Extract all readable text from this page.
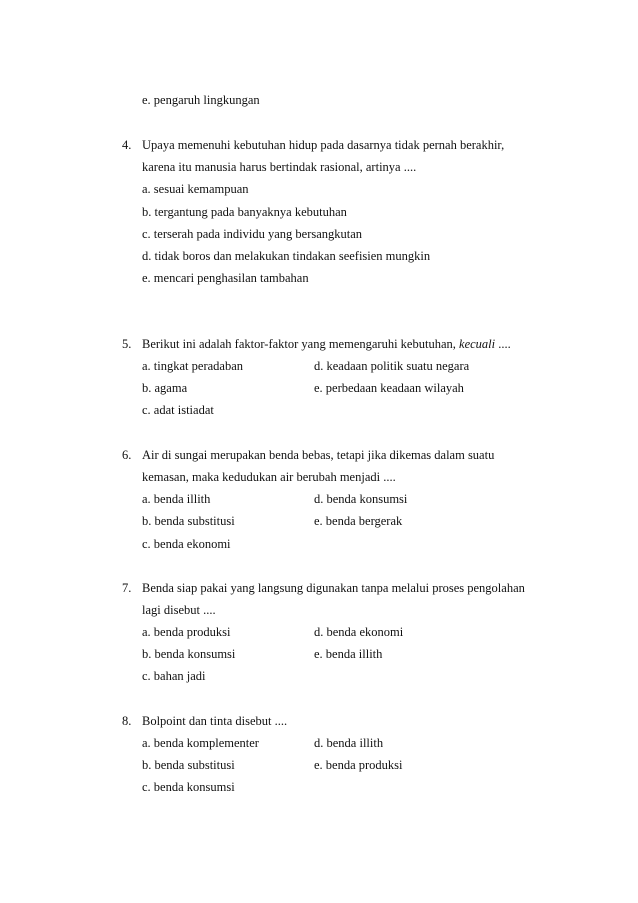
e. pengaruh lingkungan
4. Upaya memenuhi kebutuhan hidup pada dasarnya tidak pernah berakhir,
karena itu manusia harus bertindak rasional, artinya ....
a. sesuai kemampuan
b. tergantung pada banyaknya kebutuhan
c. terserah pada individu yang bersangkutan
d. tidak boros dan melakukan tindakan seefisien mungkin
e. mencari penghasilan tambahan
5. Berikut ini adalah faktor-faktor yang memengaruhi kebutuhan, kecuali ....
a. tingkat peradaban	d. keadaan politik suatu negara
b. agama	e. perbedaan keadaan wilayah
c. adat istiadat
6. Air di sungai merupakan benda bebas, tetapi jika dikemas dalam suatu
kemasan, maka kedudukan air berubah menjadi ....
a. benda illith	d. benda konsumsi
b. benda substitusi	e. benda bergerak
c. benda ekonomi
7. Benda siap pakai yang langsung digunakan tanpa melalui proses pengolahan
lagi disebut ....
a. benda produksi	d. benda ekonomi
b. benda konsumsi	e. benda illith
c. bahan jadi
8. Bolpoint dan tinta disebut ....
a. benda komplementer	d. benda illith
b. benda substitusi	e. benda produksi
c. benda konsumsi
